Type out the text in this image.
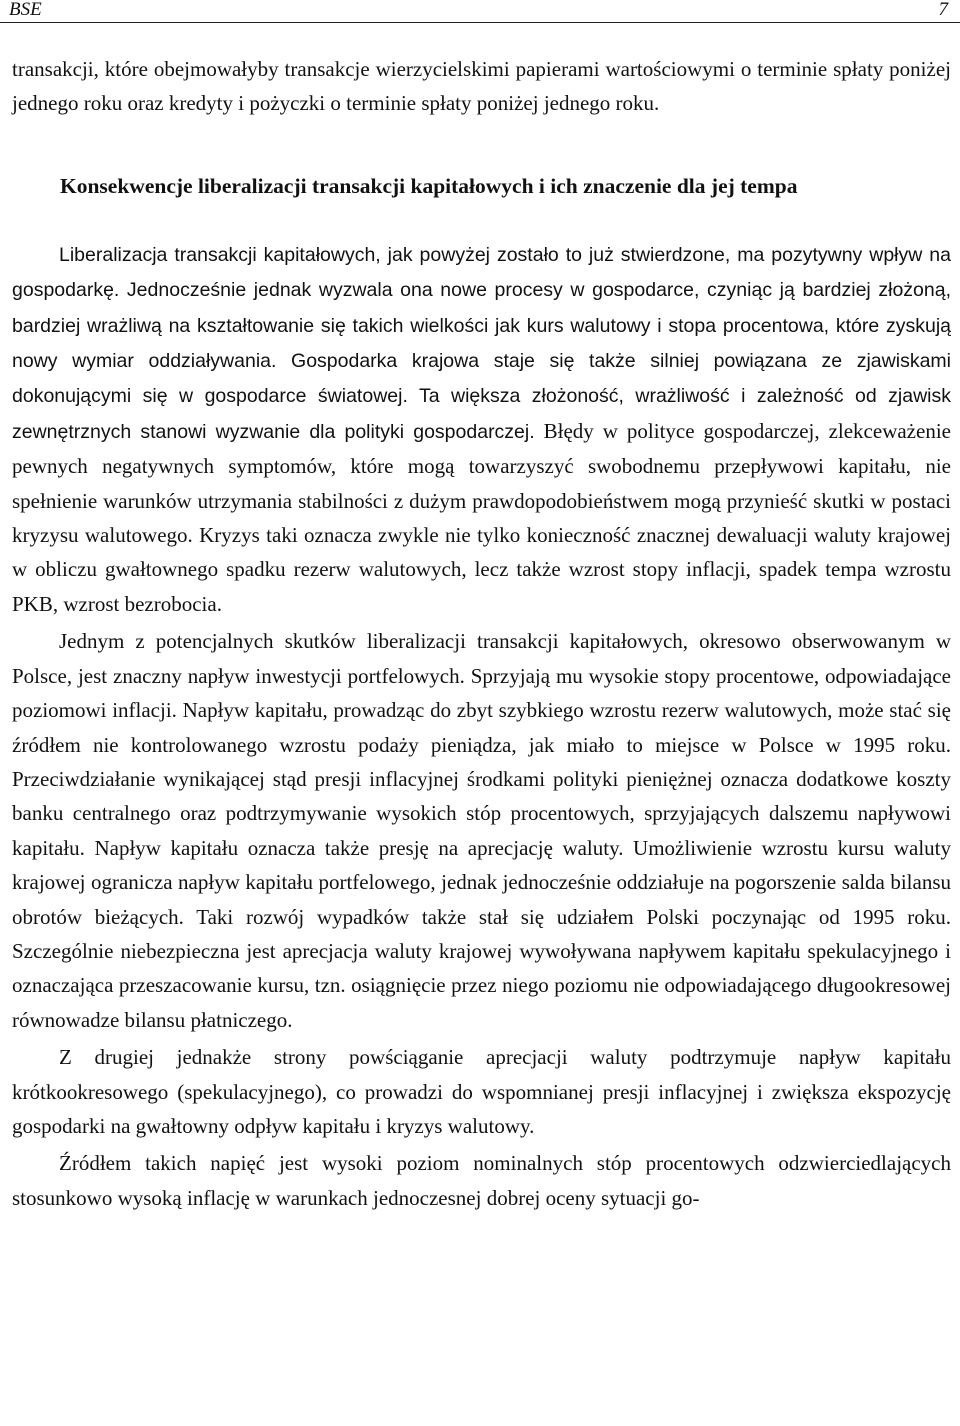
BSE	7

transakcji, które obejmowałyby transakcje wierzycielskimi papierami wartościowymi o terminie spłaty poniżej jednego roku oraz kredyty i pożyczki o terminie spłaty poniżej jednego roku.

Konsekwencje liberalizacji transakcji kapitałowych i ich znaczenie dla jej tempa

Liberalizacja transakcji kapitałowych, jak powyżej zostało to już stwierdzone, ma pozytywny wpływ na gospodarkę. Jednocześnie jednak wyzwala ona nowe procesy w gospodarce, czyniąc ją bardziej złożoną, bardziej wrażliwą na kształtowanie się takich wielkości jak kurs walutowy i stopa procentowa, które zyskują nowy wymiar oddziaływania. Gospodarka krajowa staje się także silniej powiązana ze zjawiskami dokonującymi się w gospodarce światowej. Ta większa złożoność, wrażliwość i zależność od zjawisk zewnętrznych stanowi wyzwanie dla polityki gospodarczej. Błędy w polityce gospodarczej, zlekceważenie pewnych negatywnych symptomów, które mogą towarzyszyć swobodnemu przepływowi kapitału, nie spełnienie warunków utrzymania stabilności z dużym prawdopodobieństwem mogą przynieść skutki w postaci kryzysu walutowego. Kryzys taki oznacza zwykle nie tylko konieczność znacznej dewaluacji waluty krajowej w obliczu gwałtownego spadku rezerw walutowych, lecz także wzrost stopy inflacji, spadek tempa wzrostu PKB, wzrost bezrobocia.

Jednym z potencjalnych skutków liberalizacji transakcji kapitałowych, okresowo obserwowanym w Polsce, jest znaczny napływ inwestycji portfelowych. Sprzyjają mu wysokie stopy procentowe, odpowiadające poziomowi inflacji. Napływ kapitału, prowadząc do zbyt szybkiego wzrostu rezerw walutowych, może stać się źródłem nie kontrolowanego wzrostu podaży pieniądza, jak miało to miejsce w Polsce w 1995 roku. Przeciwdziałanie wynikającej stąd presji inflacyjnej środkami polityki pieniężnej oznacza dodatkowe koszty banku centralnego oraz podtrzymywanie wysokich stóp procentowych, sprzyjających dalszemu napływowi kapitału. Napływ kapitału oznacza także presję na aprecjację waluty. Umożliwienie wzrostu kursu waluty krajowej ogranicza napływ kapitału portfelowego, jednak jednocześnie oddziałuje na pogorszenie salda bilansu obrotów bieżących. Taki rozwój wypadków także stał się udziałem Polski poczynając od 1995 roku. Szczególnie niebezpieczna jest aprecjacja waluty krajowej wywoływana napływem kapitału spekulacyjnego i oznaczająca przeszacowanie kursu, tzn. osiągnięcie przez niego poziomu nie odpowiadającego długookresowej równowadze bilansu płatniczego.

Z drugiej jednakże strony powściąganie aprecjacji waluty podtrzymuje napływ kapitału krótkookresowego (spekulacyjnego), co prowadzi do wspomnianej presji inflacyjnej i zwiększa ekspozycję gospodarki na gwałtowny odpływ kapitału i kryzys walutowy.

Źródłem takich napięć jest wysoki poziom nominalnych stóp procentowych odzwierciedlających stosunkowo wysoką inflację w warunkach jednoczesnej dobrej oceny sytuacji go-
